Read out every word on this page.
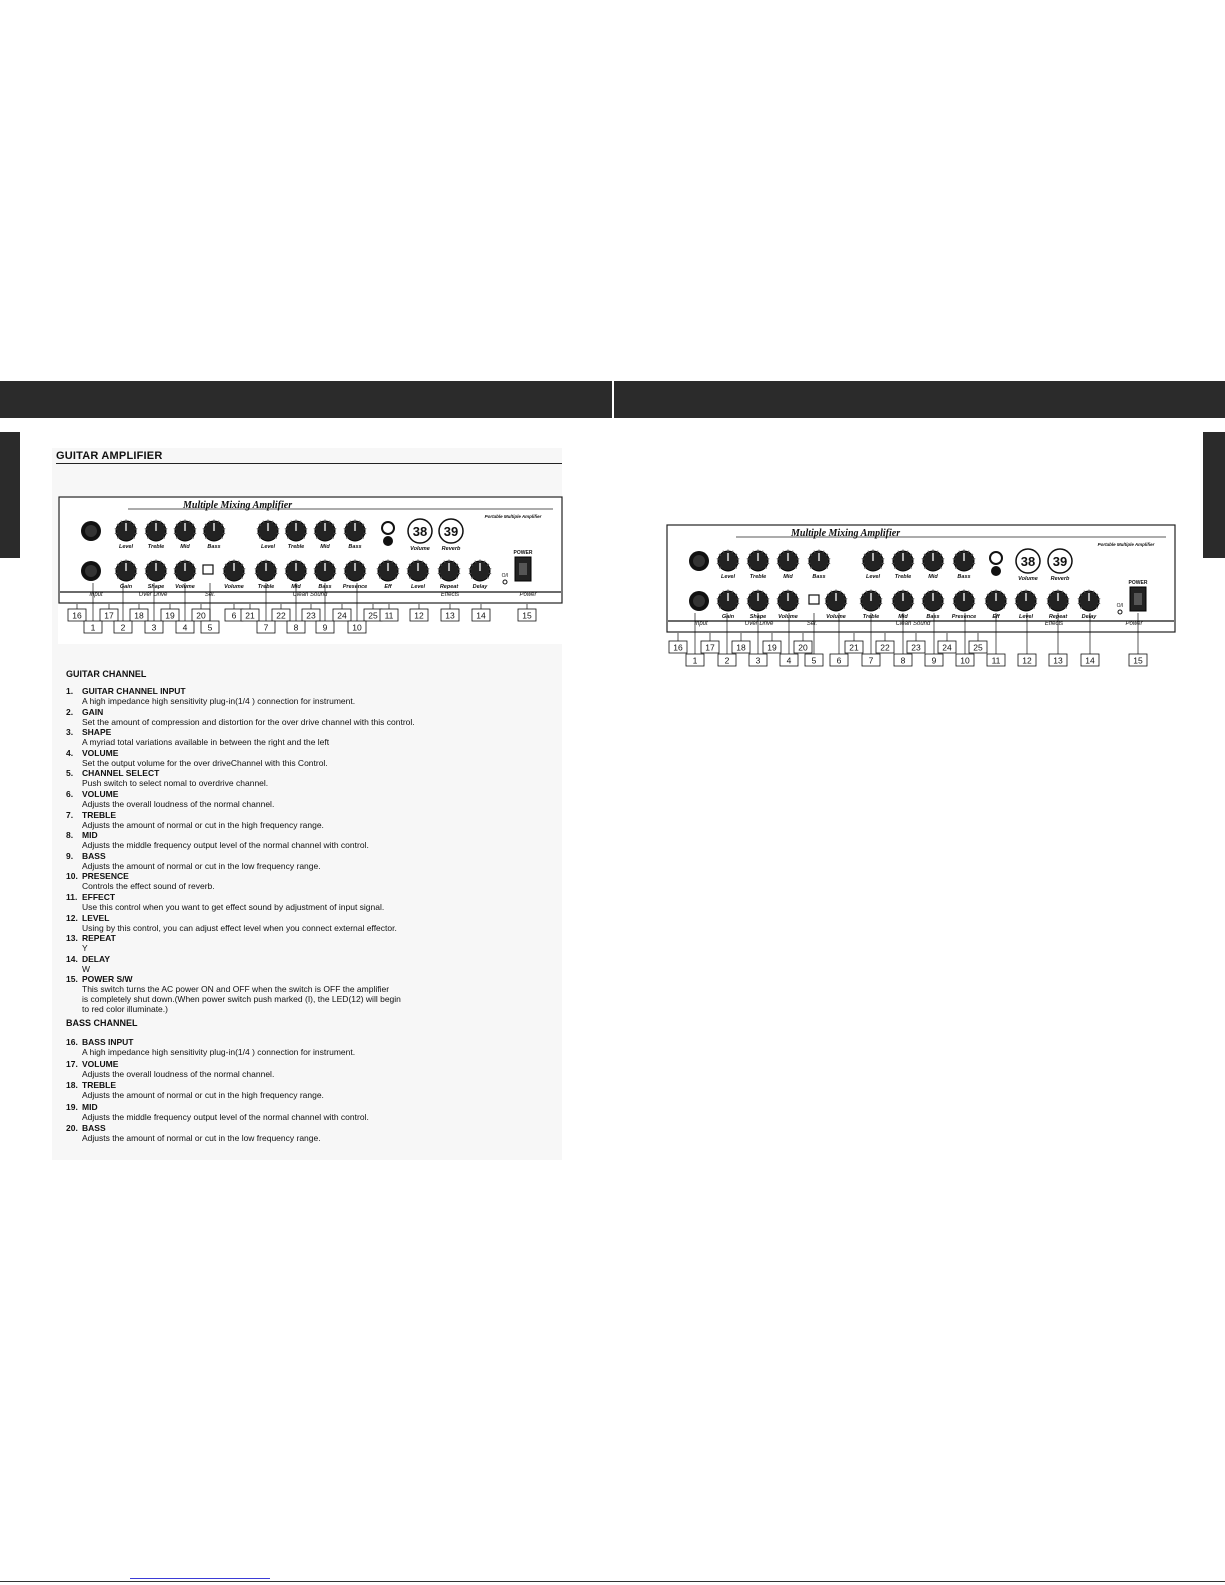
GUITAR AMPLIFIER
Multiple Mixing Amplifier
Portable Multiple Amplifier
Level	Treble	Mid	Bass	Level Treble	Mid	Bass
38
Volume
39
Reverb
Gain	Shape Volume	Volume	Treble	Mid	Bass Presence	Eff	Level	Repeat	Delay
POWER
O/I
Input	Over Drive	Sel.	Clean Sound	Effects	Power
16	17 18	19	20	6 21	22 23	24	25 11 12	13	14	15
1	2	3	4 5	7	8	9	10
Multiple Mixing Amplifier
Portable Multiple Amplifier
Level	Treble	Mid	Bass	Level	Treble	Mid	Bass
38
Volume
39
Reverb
Gain	Shape Volume	Volume	Treble	Mid	Bass Presence	Eff	Level	Repeat	Delay
POWER
O/I
Input	Over Drive	Sel.	Clean Sound	Effects	Power
16	17	18	19	20	21	22	23	24	25
1	2	3	4 5 6	7	8	9	10	11	12	13	14	15
GUITAR CHANNEL
1. GUITAR CHANNEL INPUT
A high impedance high sensitivity plug-in(1/4 ) connection for instrument.
2. GAIN
Set the amount of compression and distortion for the over drive channel with this control.
3. SHAPE
A myriad total variations available in between the right and the left
4. VOLUME
Set the output volume for the over driveChannel with this Control.
5. CHANNEL SELECT
Push switch to select nomal to overdrive channel.
6. VOLUME
Adjusts the overall loudness of the normal channel.
7. TREBLE
Adjusts the amount of normal or cut in the high frequency range.
8. MID
Adjusts the middle frequency output level of the normal channel with control.
9. BASS
Adjusts the amount of normal or cut in the low frequency range.
10. PRESENCE
Controls the effect sound of reverb.
11. EFFECT
Use this control when you want to get effect sound by adjustment of input signal.
12. LEVEL
Using by this control, you can adjust effect level when you connect external effector.
13. REPEAT
Y
14. DELAY
W
15. POWER S/W
This switch turns the AC power ON and OFF when the switch is OFF the amplifier
is completely shut down.(When power switch push marked (I), the LED(12) will begin
to red color illuminate.)
BASS CHANNEL
16. BASS INPUT
A high impedance high sensitivity plug-in(1/4 ) connection for instrument.
17. VOLUME
Adjusts the overall loudness of the normal channel.
18. TREBLE
Adjusts the amount of normal or cut in the high frequency range.
19. MID
Adjusts the middle frequency output level of the normal channel with control.
20. BASS
Adjusts the amount of normal or cut in the low frequency range.
